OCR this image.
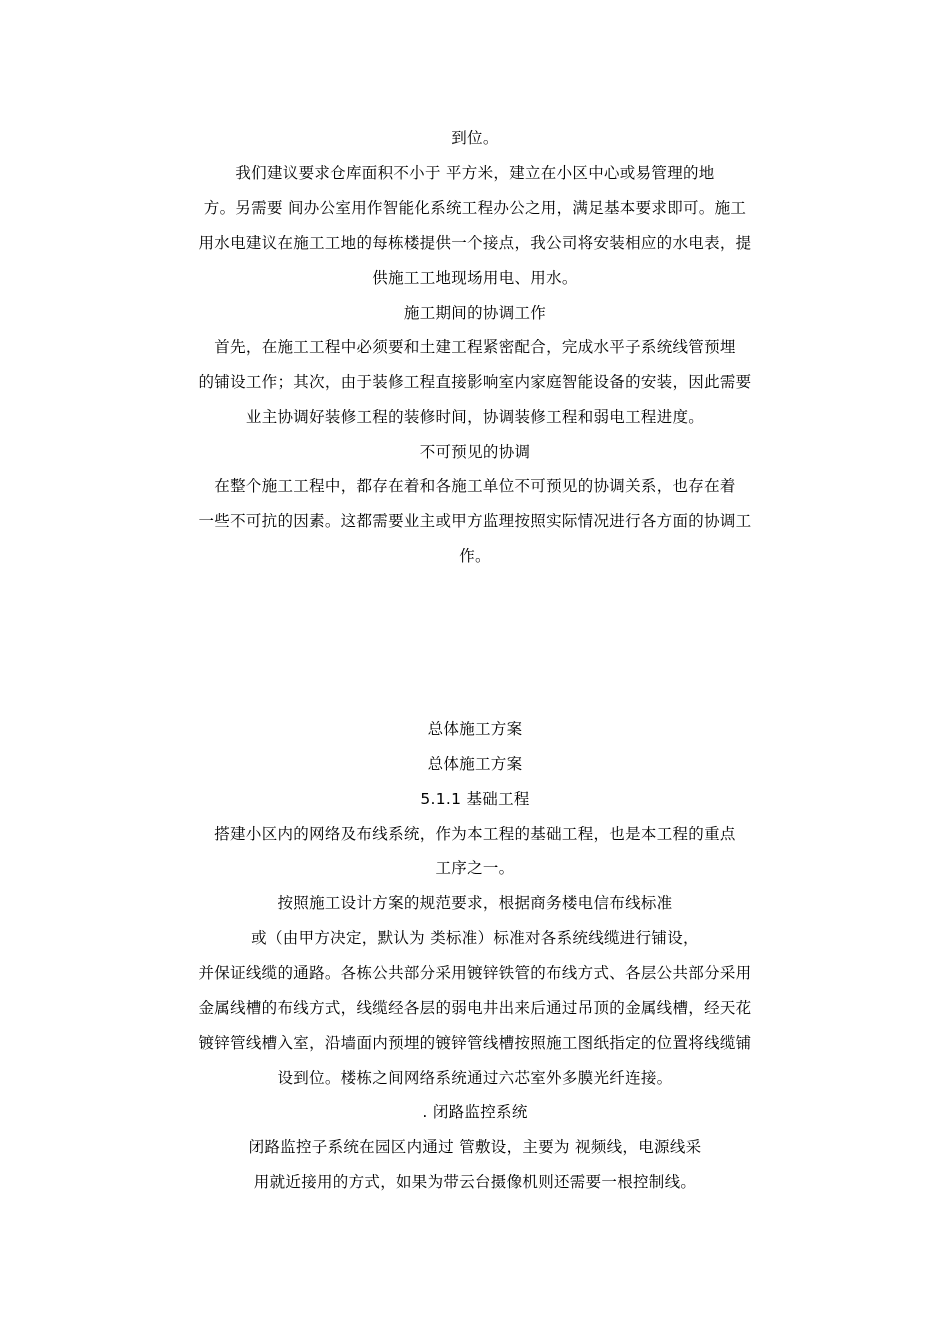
到位。
我们建议要求仓库面积不小于 平方米，建立在小区中心或易管理的地
方。另需要 间办公室用作智能化系统工程办公之用，满足基本要求即可。施工
用水电建议在施工工地的每栋楼提供一个接点，我公司将安装相应的水电表，提
供施工工地现场用电、用水。
施工期间的协调工作
首先，在施工工程中必须要和土建工程紧密配合，完成水平子系统线管预埋
的铺设工作；其次，由于装修工程直接影响室内家庭智能设备的安装，因此需要
业主协调好装修工程的装修时间，协调装修工程和弱电工程进度。
不可预见的协调
在整个施工工程中，都存在着和各施工单位不可预见的协调关系，也存在着
一些不可抗的因素。这都需要业主或甲方监理按照实际情况进行各方面的协调工
作。
总体施工方案
总体施工方案
5.1.1 基础工程
搭建小区内的网络及布线系统，作为本工程的基础工程，也是本工程的重点
工序之一。
按照施工设计方案的规范要求，根据商务楼电信布线标准
或（由甲方决定，默认为 类标准）标准对各系统线缆进行铺设，
并保证线缆的通路。各栋公共部分采用镀锌铁管的布线方式、各层公共部分采用
金属线槽的布线方式，线缆经各层的弱电井出来后通过吊顶的金属线槽，经天花
镀锌管线槽入室，沿墙面内预埋的镀锌管线槽按照施工图纸指定的位置将线缆铺
设到位。楼栋之间网络系统通过六芯室外多膜光纤连接。
. 闭路监控系统
闭路监控子系统在园区内通过 管敷设，主要为 视频线，电源线采
用就近接用的方式，如果为带云台摄像机则还需要一根控制线。
